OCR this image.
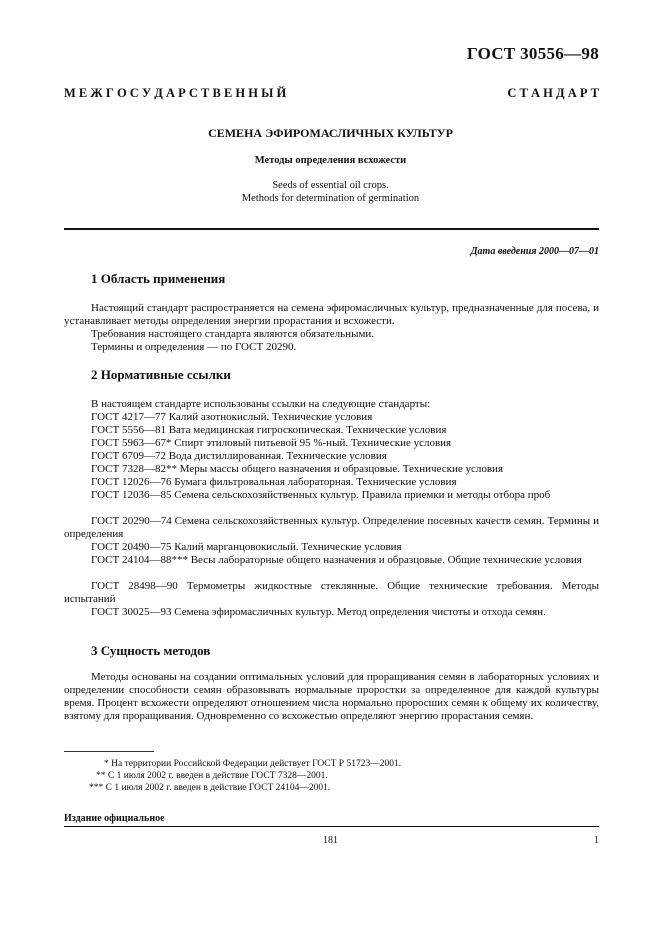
ГОСТ 30556—98
М Е Ж Г О С У Д А Р С Т В Е Н Н Ы Й	С Т А Н Д А Р Т
СЕМЕНА ЭФИРОМАСЛИЧНЫХ КУЛЬТУР
Методы определения всхожести
Seeds of essential oil crops.
Methods for determination of germination
Дата введения 2000—07—01
1 Область применения
Настоящий стандарт распространяется на семена эфиромасличных культур, предназначенные для посева, и устанавливает методы определения энергии прорастания и всхожести.
Требования настоящего стандарта являются обязательными.
Термины и определения — по ГОСТ 20290.
2 Нормативные ссылки
В настоящем стандарте использованы ссылки на следующие стандарты:
ГОСТ 4217—77 Калий азотнокислый. Технические условия
ГОСТ 5556—81 Вата медицинская гигроскопическая. Технические условия
ГОСТ 5963—67* Спирт этиловый питьевой 95 %-ный. Технические условия
ГОСТ 6709—72 Вода дистиллированная. Технические условия
ГОСТ 7328—82** Меры массы общего назначения и образцовые. Технические условия
ГОСТ 12026—76 Бумага фильтровальная лабораторная. Технические условия
ГОСТ 12036—85 Семена сельскохозяйственных культур. Правила приемки и методы отбора проб
ГОСТ 20290—74 Семена сельскохозяйственных культур. Определение посевных качеств семян. Термины и определения
ГОСТ 20490—75 Калий марганцовокислый. Технические условия
ГОСТ 24104—88*** Весы лабораторные общего назначения и образцовые. Общие технические условия
ГОСТ 28498—90 Термометры жидкостные стеклянные. Общие технические требования. Методы испытаний
ГОСТ 30025—93 Семена эфиромасличных культур. Метод определения чистоты и отхода семян.
3 Сущность методов
Методы основаны на создании оптимальных условий для проращивания семян в лабораторных условиях и определении способности семян образовывать нормальные проростки за определенное для каждой культуры время. Процент всхожести определяют отношением числа нормально проросших семян к общему их количеству, взятому для проращивания. Одновременно со всхожестью определяют энергию прорастания семян.
* На территории Российской Федерации действует ГОСТ Р 51723—2001.
** С 1 июля 2002 г. введен в действие ГОСТ 7328—2001.
*** С 1 июля 2002 г. введен в действие ГОСТ 24104—2001.
Издание официальное
181	1
